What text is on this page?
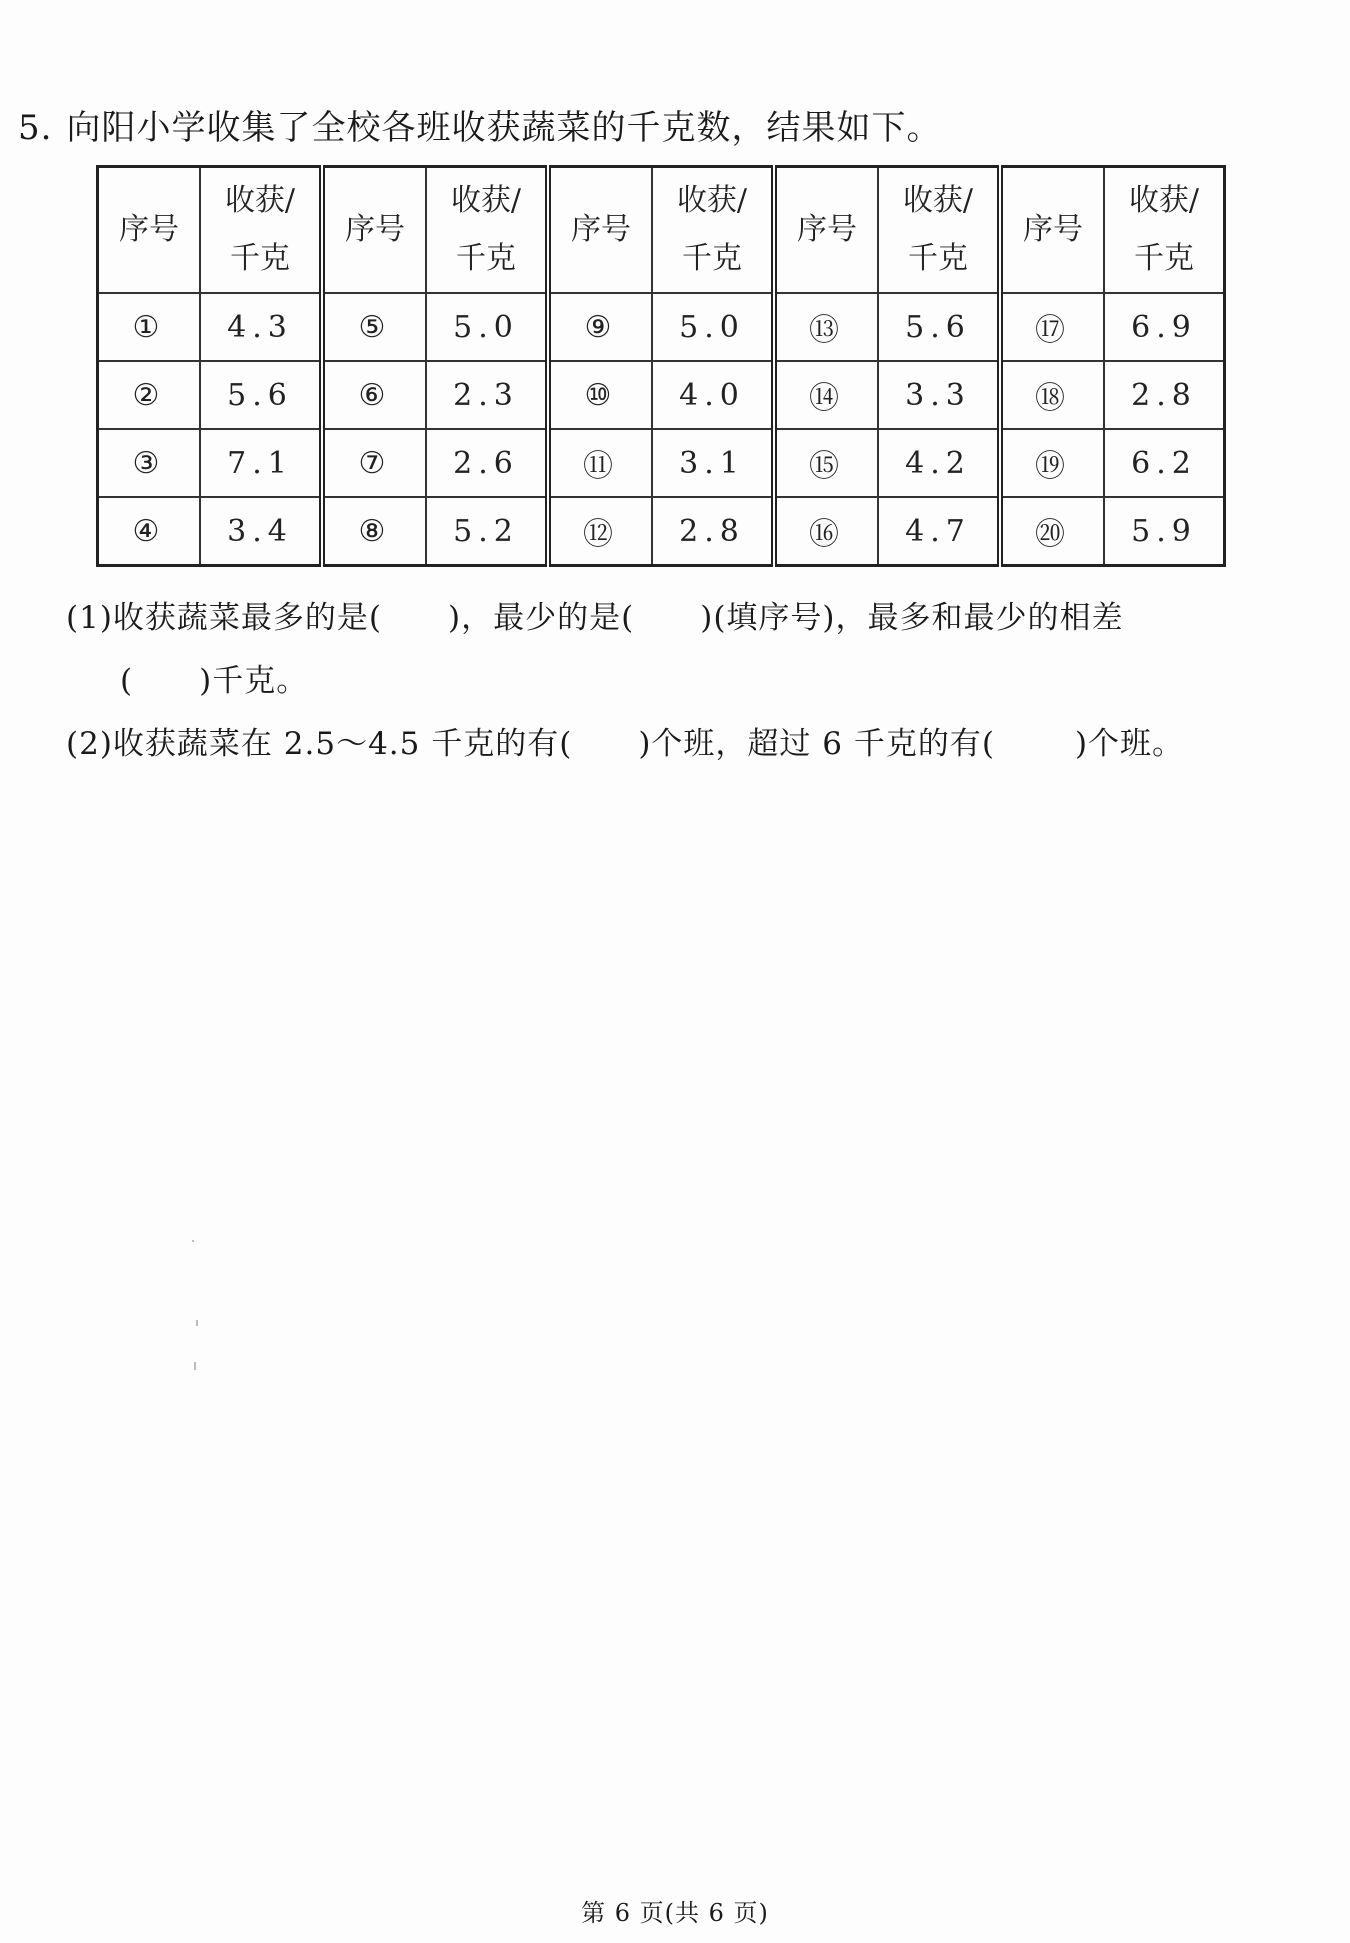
5. 向阳小学收集了全校各班收获蔬菜的千克数，结果如下。
序号	收获/
千克	序号	收获/
千克	序号	收获/
千克	序号	收获/
千克	序号	收获/
千克

①	4.3	⑤	5.0	⑨	5.0	⑬	5.6	⑰	6.9
②	5.6	⑥	2.3	⑩	4.0	⑭	3.3	⑱	2.8
③	7.1	⑦	2.6	⑪	3.1	⑮	4.2	⑲	6.2
④	3.4	⑧	5.2	⑫	2.8	⑯	4.7	⑳	5.9
(1)收获蔬菜最多的是( )，最少的是( )(填序号)，最多和最少的相差
( )千克。
(2)收获蔬菜在 2.5～4.5 千克的有( )个班，超过 6 千克的有(	)个班。
第 6 页(共 6 页)
